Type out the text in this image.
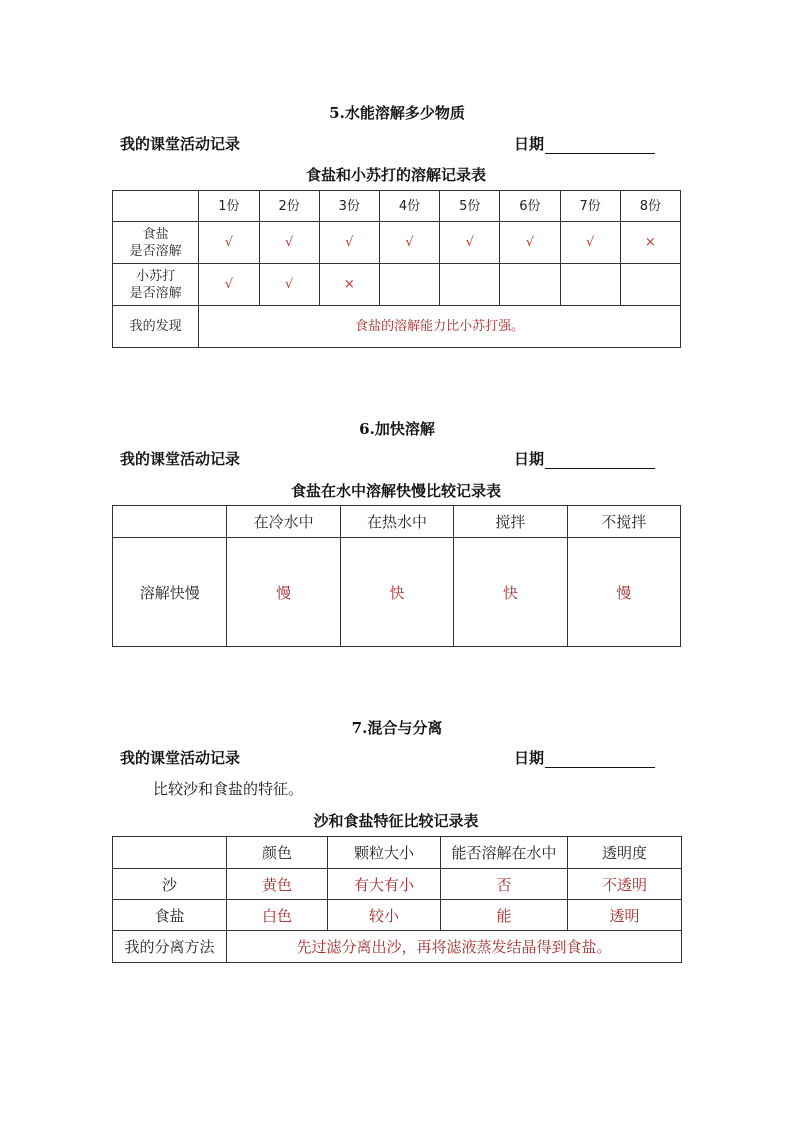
5.水能溶解多少物质
我的课堂活动记录	日期
食盐和小苏打的溶解记录表
	1份	2份	3份	4份	5份	6份	7份	8份
食盐
是否溶解	√	√	√	√	√	√	√	×
小苏打
是否溶解	√	√	×					
我的发现	食盐的溶解能力比小苏打强。							
6.加快溶解
我的课堂活动记录	日期
食盐在水中溶解快慢比较记录表
	在冷水中	在热水中	搅拌	不搅拌
溶解快慢	慢	快	快	慢
7.混合与分离
我的课堂活动记录	日期
比较沙和食盐的特征。
沙和食盐特征比较记录表
	颜色	颗粒大小	能否溶解在水中	透明度
沙	黄色	有大有小	否	不透明
食盐	白色	较小	能	透明
我的分离方法	先过滤分离出沙，再将滤液蒸发结晶得到食盐。			
